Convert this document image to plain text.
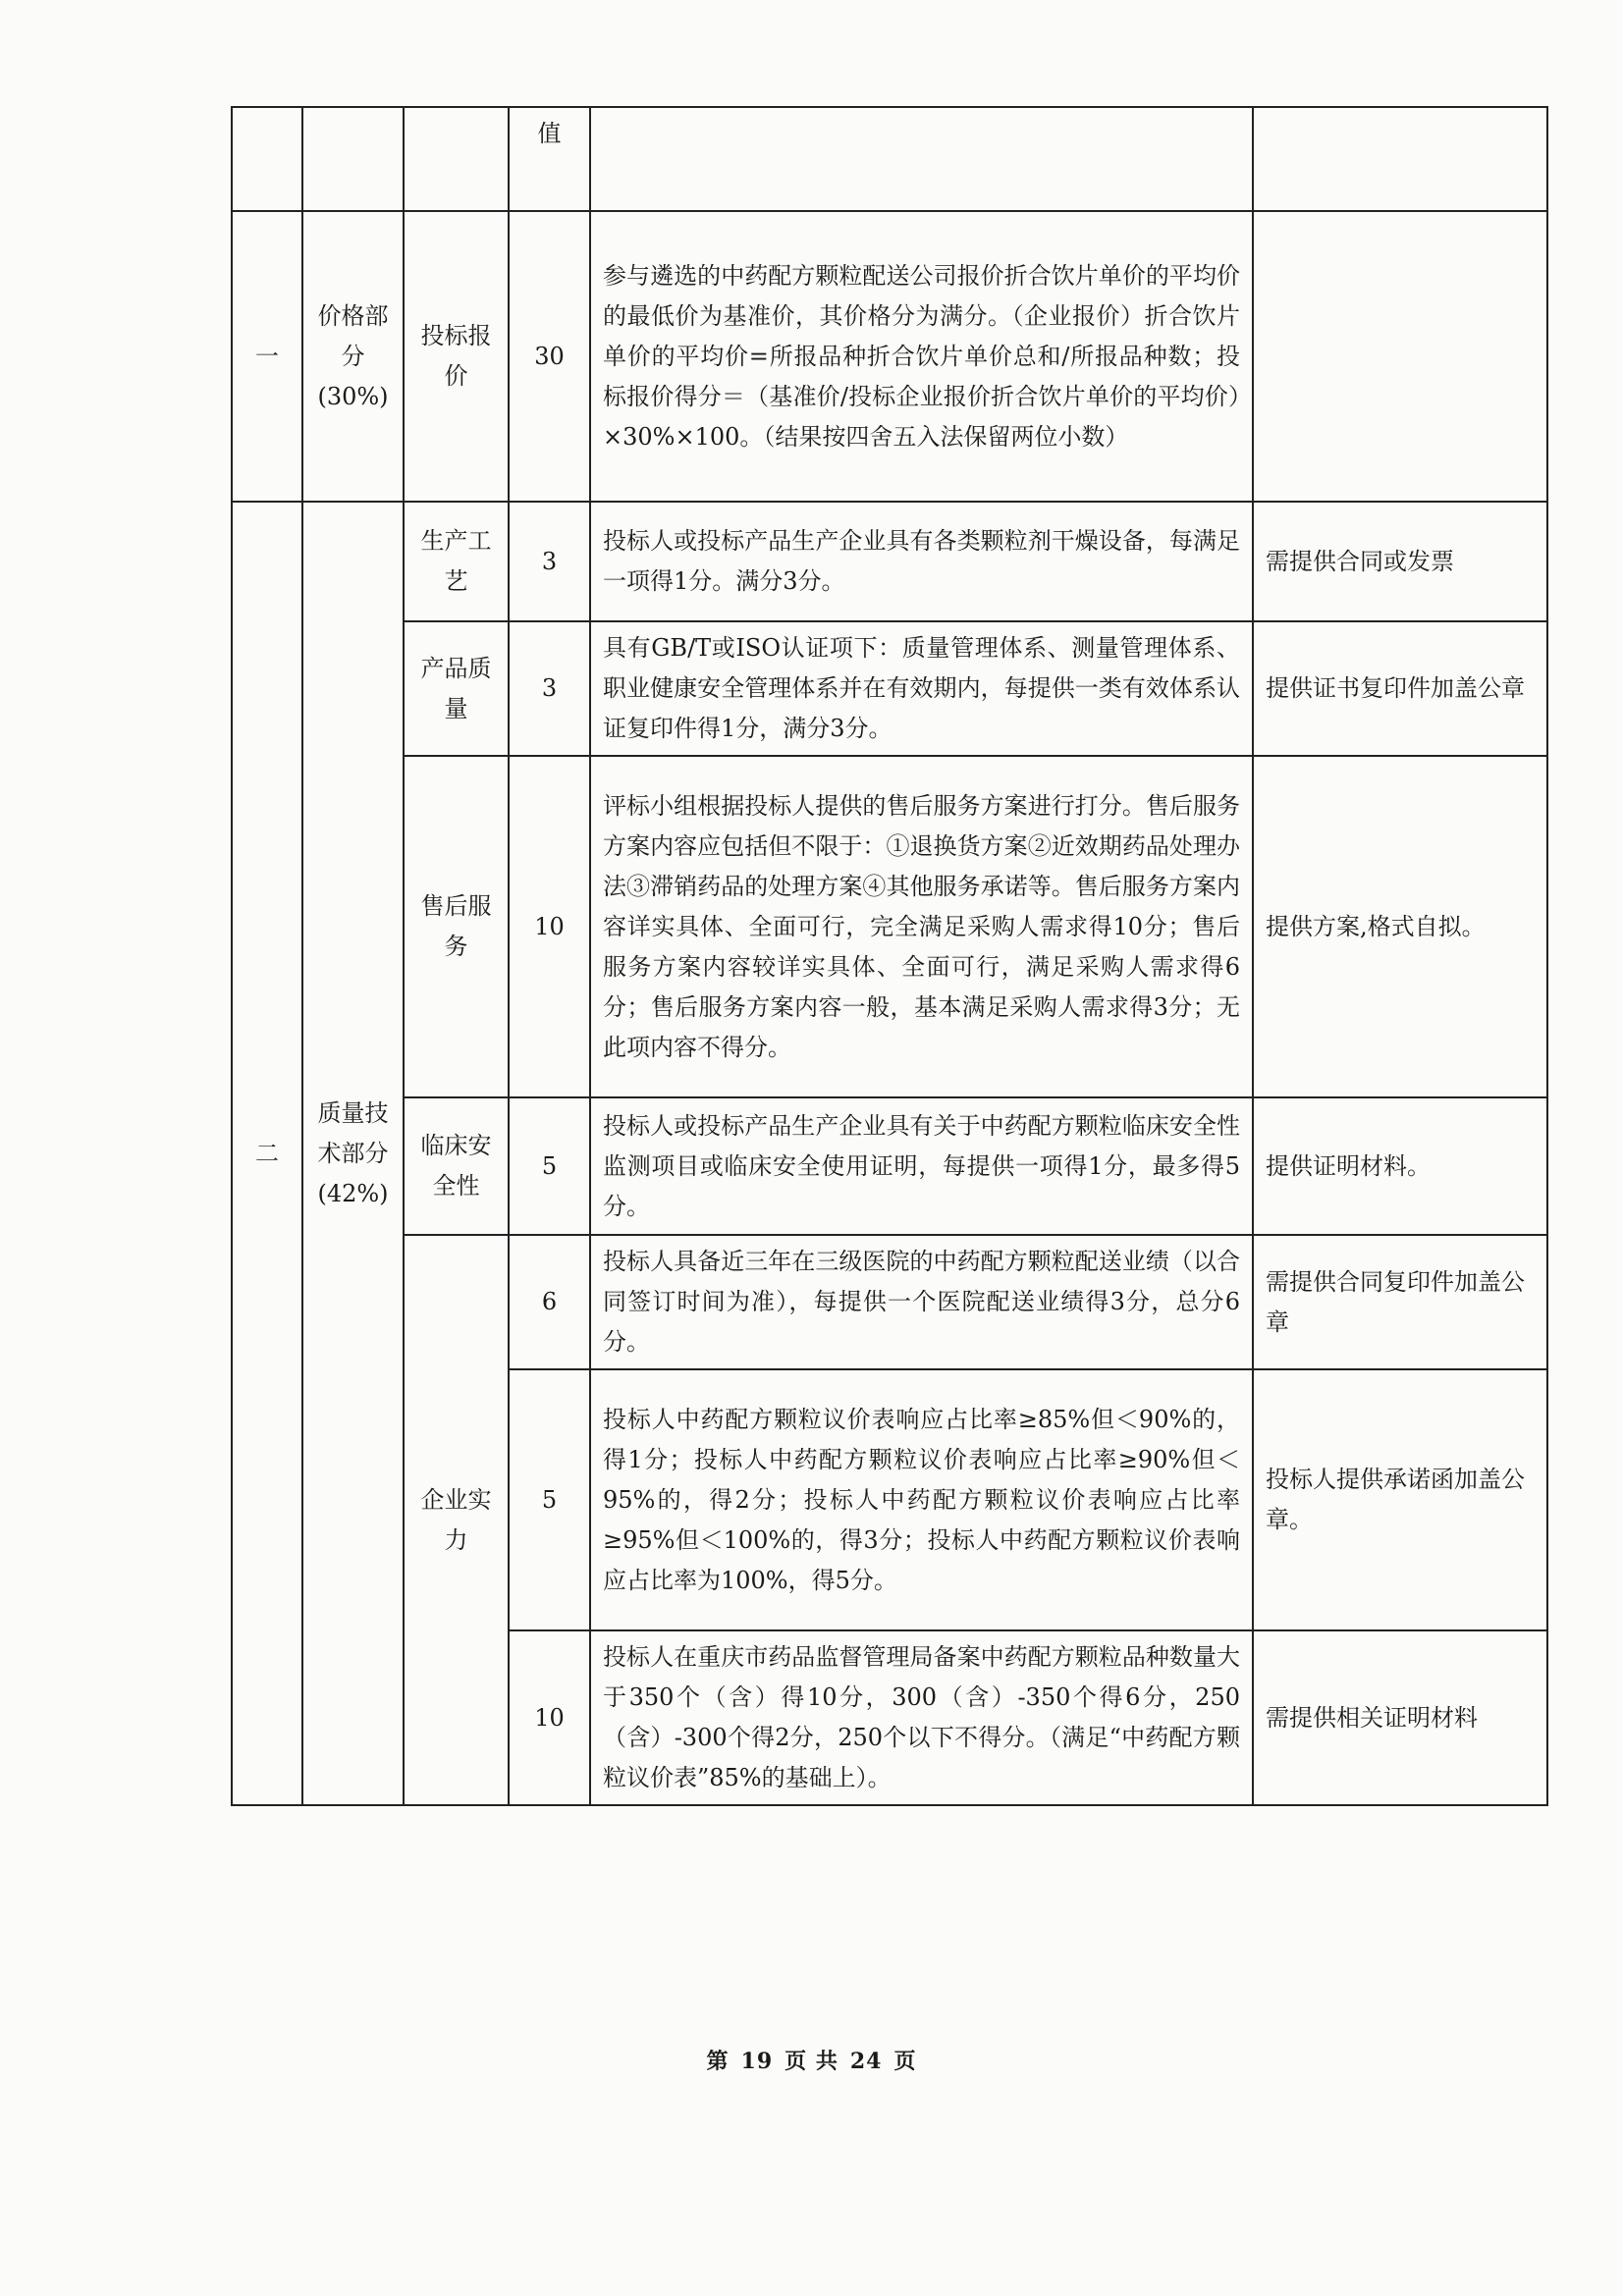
			值		
一	价格部分(30%)	投标报价	30	参与遴选的中药配方颗粒配送公司报价折合饮片单价的平均价的最低价为基准价，其价格分为满分。（企业报价）折合饮片单价的平均价=所报品种折合饮片单价总和/所报品种数；投标报价得分＝（基准价/投标企业报价折合饮片单价的平均价）×30%×100。（结果按四舍五入法保留两位小数）	
二	质量技术部分(42%)	生产工艺	3	投标人或投标产品生产企业具有各类颗粒剂干燥设备，每满足一项得1分。满分3分。	需提供合同或发票
		产品质量	3	具有GB/T或ISO认证项下：质量管理体系、测量管理体系、职业健康安全管理体系并在有效期内，每提供一类有效体系认证复印件得1分，满分3分。	提供证书复印件加盖公章
		售后服务	10	评标小组根据投标人提供的售后服务方案进行打分。售后服务方案内容应包括但不限于：①退换货方案②近效期药品处理办法③滞销药品的处理方案④其他服务承诺等。售后服务方案内容详实具体、全面可行，完全满足采购人需求得10分；售后服务方案内容较详实具体、全面可行，满足采购人需求得6分；售后服务方案内容一般，基本满足采购人需求得3分；无此项内容不得分。	提供方案,格式自拟。
		临床安全性	5	投标人或投标产品生产企业具有关于中药配方颗粒临床安全性监测项目或临床安全使用证明，每提供一项得1分，最多得5分。	提供证明材料。
		企业实力	6	投标人具备近三年在三级医院的中药配方颗粒配送业绩（以合同签订时间为准），每提供一个医院配送业绩得3分，总分6分。	需提供合同复印件加盖公章
			5	投标人中药配方颗粒议价表响应占比率≥85%但＜90%的，得1分；投标人中药配方颗粒议价表响应占比率≥90%但＜95%的，得2分；投标人中药配方颗粒议价表响应占比率≥95%但＜100%的，得3分；投标人中药配方颗粒议价表响应占比率为100%，得5分。	投标人提供承诺函加盖公章。
			10	投标人在重庆市药品监督管理局备案中药配方颗粒品种数量大于350个（含）得10分，300（含）-350个得6分，250（含）-300个得2分，250个以下不得分。（满足“中药配方颗粒议价表”85%的基础上）。	需提供相关证明材料
第 19 页 共 24 页
